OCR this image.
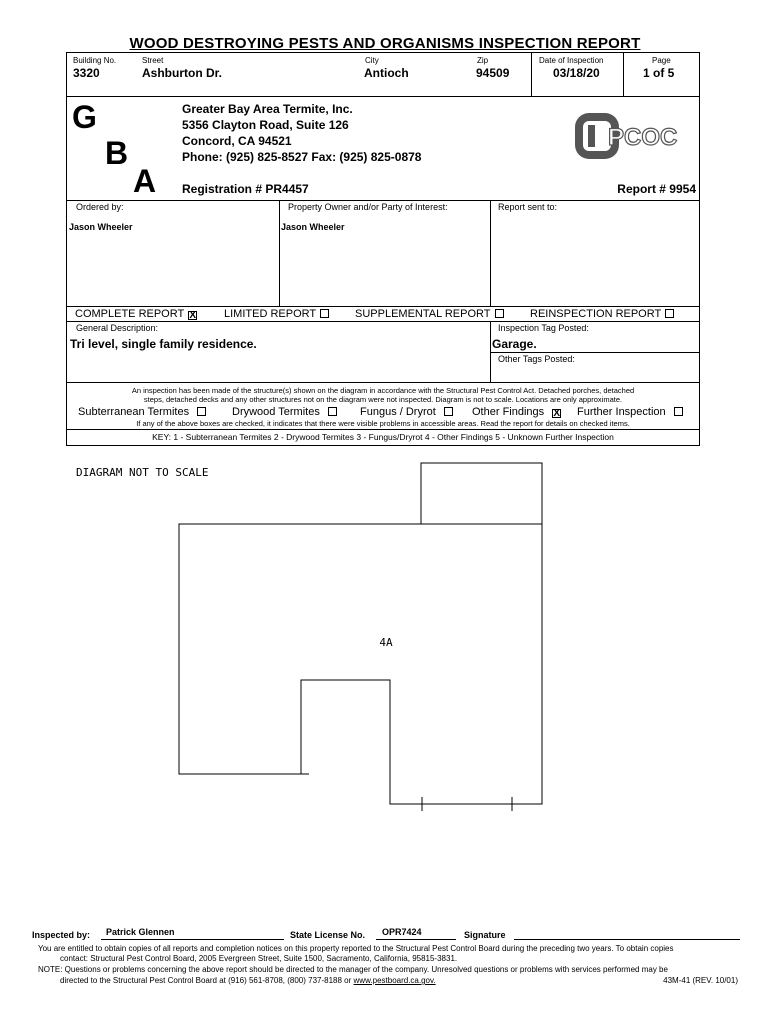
WOOD DESTROYING PESTS AND ORGANISMS INSPECTION REPORT
Building No.
3320
Street
Ashburton Dr.
City
Antioch
Zip
94509
Date of Inspection
03/18/20
Page
1 of 5
G
B
A
Greater Bay Area Termite, Inc.
5356 Clayton Road, Suite 126
Concord, CA 94521
Phone: (925) 825-8527 Fax: (925) 825-0878
Registration # PR4457	Report # 9954
PCOC
Ordered by:
Jason Wheeler
Property Owner and/or Party of Interest:
Jason Wheeler
Report sent to:
COMPLETE REPORT X	LIMITED REPORT	SUPPLEMENTAL REPORT	REINSPECTION REPORT
General Description:
Tri level, single family residence.
Inspection Tag Posted:
Garage.
Other Tags Posted:
An inspection has been made of the structure(s) shown on the diagram in accordance with the Structural Pest Control Act. Detached porches, detached
steps, detached decks and any other structures not on the diagram were not inspected. Diagram is not to scale. Locations are only approximate.
Subterranean Termites	Drywood Termites	Fungus / Dryrot	Other Findings X Further Inspection
If any of the above boxes are checked, it indicates that there were visible problems in accessible areas. Read the report for details on checked items.
KEY: 1 - Subterranean Termites 2 - Drywood Termites 3 - Fungus/Dryrot 4 - Other Findings 5 - Unknown Further Inspection
DIAGRAM NOT TO SCALE
4A
Inspected by: Patrick Glennen	State License No. OPR7424	Signature
You are entitled to obtain copies of all reports and completion notices on this property reported to the Structural Pest Control Board during the preceding two years. To obtain copies
contact: Structural Pest Control Board, 2005 Evergreen Street, Suite 1500, Sacramento, California, 95815-3831.
NOTE: Questions or problems concerning the above report should be directed to the manager of the company. Unresolved questions or problems with services performed may be
directed to the Structural Pest Control Board at (916) 561-8708, (800) 737-8188 or www.pestboard.ca.gov.	43M-41 (REV. 10/01)
